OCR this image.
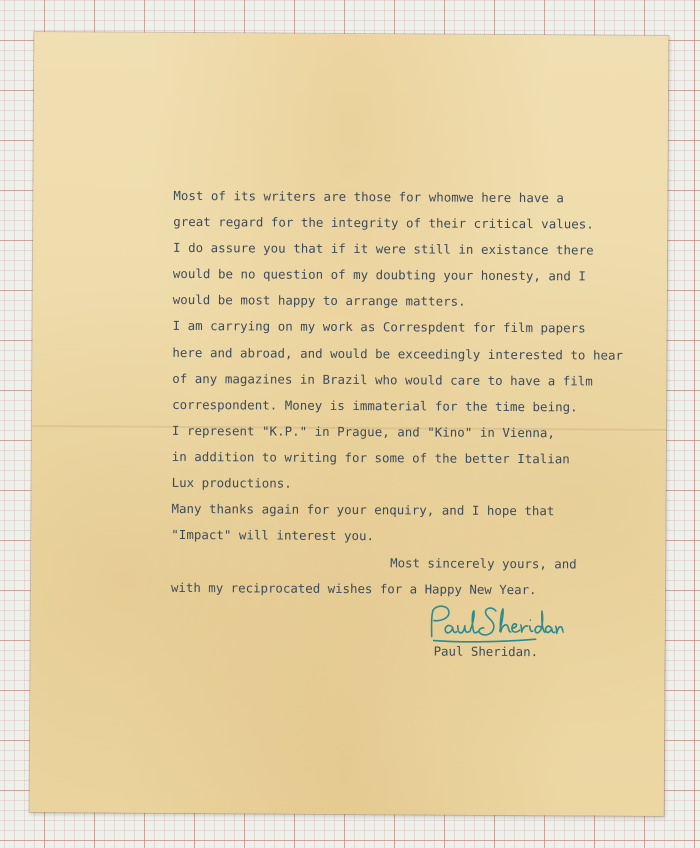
Most of its writers are those for whomwe here have a
great regard for the integrity of their critical values.
I do assure you that if it were still in existance there
would be no question of my doubting your honesty, and I
would be most happy to arrange matters.
I am carrying on my work as Correspdent for film papers
here and abroad, and would be exceedingly interested to hear
of any magazines in Brazil who would care to have a film
correspondent. Money is immaterial for the time being.
I represent "K.P." in Prague, and "Kino" in Vienna,
in addition to writing for some of the better Italian
Lux productions.
Many thanks again for your enquiry, and I hope that
"Impact" will interest you.
Most sincerely yours, and
with my reciprocated wishes for a Happy New Year.
Paul Sheridan.
